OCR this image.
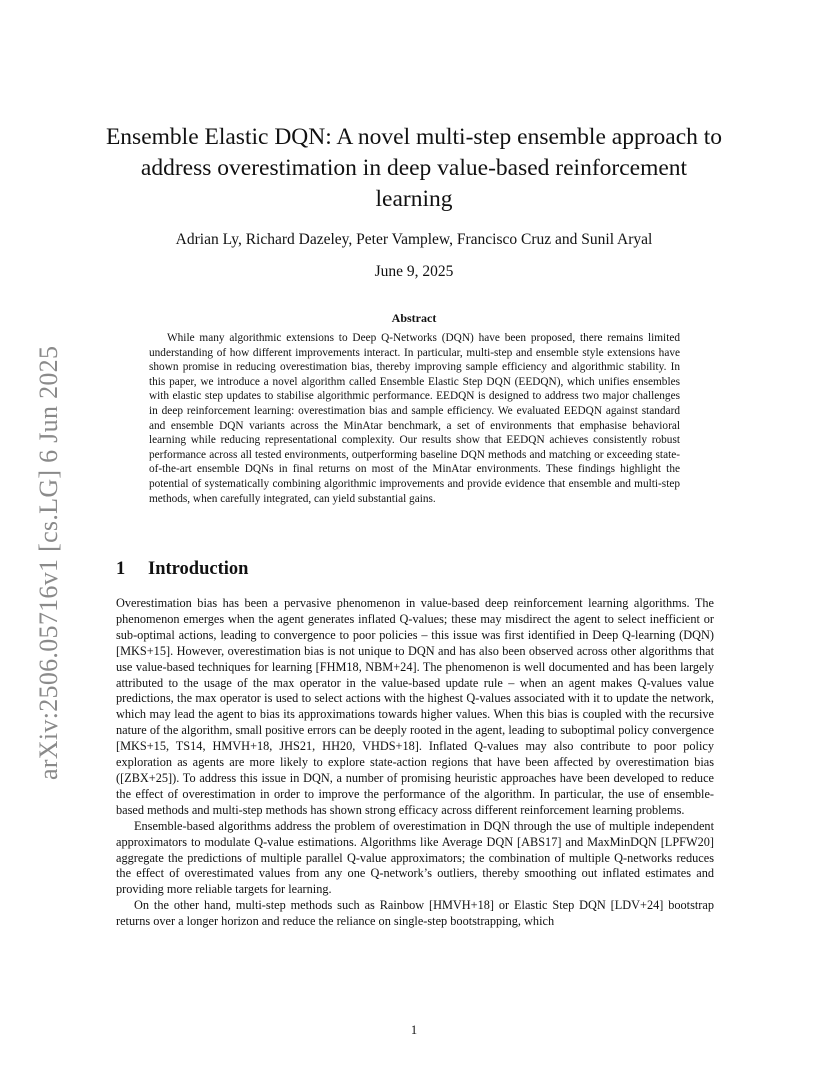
arXiv:2506.05716v1 [cs.LG] 6 Jun 2025
Ensemble Elastic DQN: A novel multi-step ensemble approach to address overestimation in deep value-based reinforcement learning

Adrian Ly, Richard Dazeley, Peter Vamplew, Francisco Cruz and Sunil Aryal

June 9, 2025

Abstract

While many algorithmic extensions to Deep Q-Networks (DQN) have been proposed, there remains limited understanding of how different improvements interact. In particular, multi-step and ensemble style extensions have shown promise in reducing overestimation bias, thereby improving sample efficiency and algorithmic stability. In this paper, we introduce a novel algorithm called Ensemble Elastic Step DQN (EEDQN), which unifies ensembles with elastic step updates to stabilise algorithmic performance. EEDQN is designed to address two major challenges in deep reinforcement learning: overestimation bias and sample efficiency. We evaluated EEDQN against standard and ensemble DQN variants across the MinAtar benchmark, a set of environments that emphasise behavioral learning while reducing representational complexity. Our results show that EEDQN achieves consistently robust performance across all tested environments, outperforming baseline DQN methods and matching or exceeding state-of-the-art ensemble DQNs in final returns on most of the MinAtar environments. These findings highlight the potential of systematically combining algorithmic improvements and provide evidence that ensemble and multi-step methods, when carefully integrated, can yield substantial gains.

1 Introduction

Overestimation bias has been a pervasive phenomenon in value-based deep reinforcement learning algorithms. The phenomenon emerges when the agent generates inflated Q-values; these may misdirect the agent to select inefficient or sub-optimal actions, leading to convergence to poor policies – this issue was first identified in Deep Q-learning (DQN) [MKS+15]. However, overestimation bias is not unique to DQN and has also been observed across other algorithms that use value-based techniques for learning [FHM18, NBM+24]. The phenomenon is well documented and has been largely attributed to the usage of the max operator in the value-based update rule – when an agent makes Q-values value predictions, the max operator is used to select actions with the highest Q-values associated with it to update the network, which may lead the agent to bias its approximations towards higher values. When this bias is coupled with the recursive nature of the algorithm, small positive errors can be deeply rooted in the agent, leading to suboptimal policy convergence [MKS+15, TS14, HMVH+18, JHS21, HH20, VHDS+18]. Inflated Q-values may also contribute to poor policy exploration as agents are more likely to explore state-action regions that have been affected by overestimation bias ([ZBX+25]). To address this issue in DQN, a number of promising heuristic approaches have been developed to reduce the effect of overestimation in order to improve the performance of the algorithm. In particular, the use of ensemble-based methods and multi-step methods has shown strong efficacy across different reinforcement learning problems.

Ensemble-based algorithms address the problem of overestimation in DQN through the use of multiple independent approximators to modulate Q-value estimations. Algorithms like Average DQN [ABS17] and MaxMinDQN [LPFW20] aggregate the predictions of multiple parallel Q-value approximators; the combination of multiple Q-networks reduces the effect of overestimated values from any one Q-network’s outliers, thereby smoothing out inflated estimates and providing more reliable targets for learning.

On the other hand, multi-step methods such as Rainbow [HMVH+18] or Elastic Step DQN [LDV+24] bootstrap returns over a longer horizon and reduce the reliance on single-step bootstrapping, which

1
